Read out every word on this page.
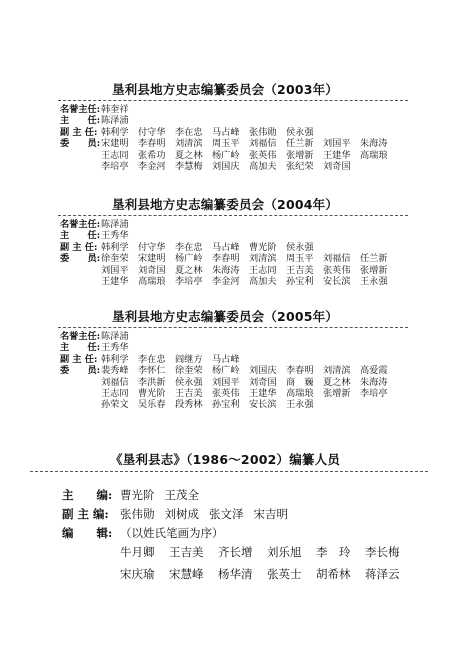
垦利县地方史志编纂委员会（2003年）
名誉主任: 韩奎祥
主　　任: 陈泽浦
副 主 任: 韩利学	付守华	李在忠	马占峰	张伟勋	侯永强
委　　员: 宋建明	李春明	刘清滨	周玉平	刘福信	任兰新	刘国平	朱海涛
王志同	张希功	夏之林	杨广岭	张英伟	张增新	王建华	高瑞琅
李培亭	李金河	李慧梅	刘国庆	高加夫	张纪荣	刘奇国
垦利县地方史志编纂委员会（2004年）
名誉主任: 陈泽浦
主　　任: 王秀华
副 主 任: 韩利学	付守华	李在忠	马占峰	曹光阶	侯永强
委　　员: 徐奎荣	宋建明	杨广岭	李春明	刘清滨	周玉平	刘福信	任兰新
刘国平	刘奇国	夏之林	朱海涛	王志同	王吉美	张英伟	张增新
王建华	高瑞琅	李培亭	李金河	高加夫	孙宝利	安长滨	王永强
垦利县地方史志编纂委员会（2005年）
名誉主任: 陈泽浦
主　　任: 王秀华
副 主 任: 韩利学	李在忠	阎继方	马占峰
委　　员: 裴秀峰	李怀仁	徐奎荣	杨广岭	刘国庆	李春明	刘清滨	高爱霞
刘福信	李洪新	侯永强	刘国平	刘奇国	商　巍	夏之林	朱海涛
王志同	曹光阶	王吉美	张英伟	王建华	高瑞琅	张增新	李培亭
孙荣文	吴乐春	段秀林	孙宝利	安长滨	王永强
《垦利县志》（1986～2002）编纂人员
主　　编: 曹光阶 王茂全
副 主 编: 张伟勋 刘树成 张文泽 宋吉明
编　　辑: （以姓氏笔画为序）
牛月卿	王吉美	齐长增	刘乐旭	李　玲	李长梅
宋庆瑜	宋慧峰	杨华清	张英士	胡希林	蒋泽云
